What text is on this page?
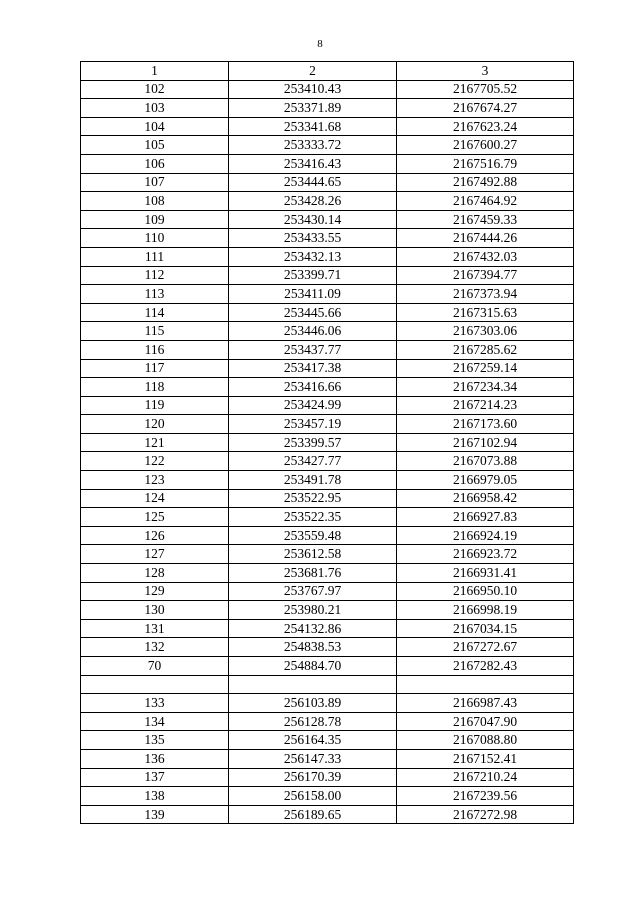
8
1	2	3
102	253410.43	2167705.52
103	253371.89	2167674.27
104	253341.68	2167623.24
105	253333.72	2167600.27
106	253416.43	2167516.79
107	253444.65	2167492.88
108	253428.26	2167464.92
109	253430.14	2167459.33
110	253433.55	2167444.26
111	253432.13	2167432.03
112	253399.71	2167394.77
113	253411.09	2167373.94
114	253445.66	2167315.63
115	253446.06	2167303.06
116	253437.77	2167285.62
117	253417.38	2167259.14
118	253416.66	2167234.34
119	253424.99	2167214.23
120	253457.19	2167173.60
121	253399.57	2167102.94
122	253427.77	2167073.88
123	253491.78	2166979.05
124	253522.95	2166958.42
125	253522.35	2166927.83
126	253559.48	2166924.19
127	253612.58	2166923.72
128	253681.76	2166931.41
129	253767.97	2166950.10
130	253980.21	2166998.19
131	254132.86	2167034.15
132	254838.53	2167272.67
70	254884.70	2167282.43

133	256103.89	2166987.43
134	256128.78	2167047.90
135	256164.35	2167088.80
136	256147.33	2167152.41
137	256170.39	2167210.24
138	256158.00	2167239.56
139	256189.65	2167272.98
